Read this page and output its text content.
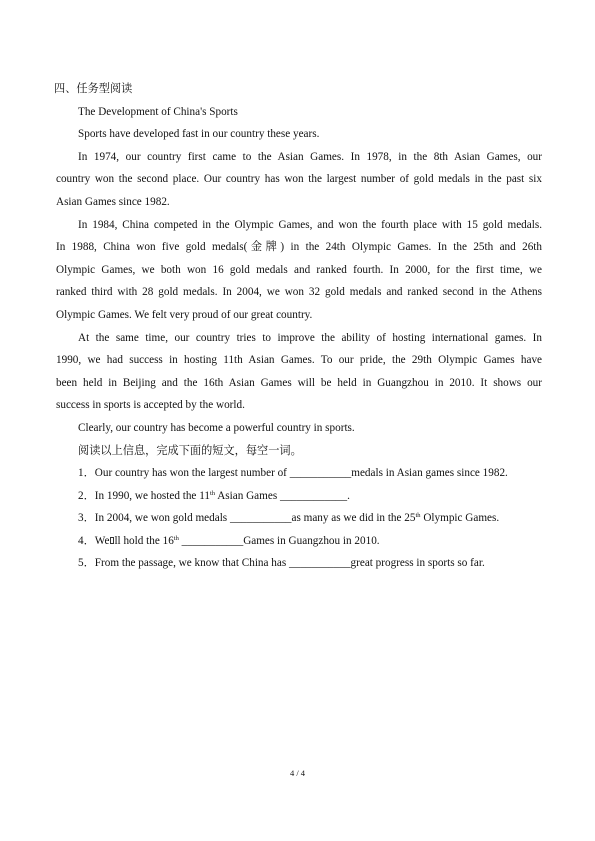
四、任务型阅读

The Development of China's Sports

Sports have developed fast in our country these years.

In 1974, our country first came to the Asian Games. In 1978, in the 8th Asian Games, our

country won the second place. Our country has won the largest number of gold medals in the past six

Asian Games since 1982.

In 1984, China competed in the Olympic Games, and won the fourth place with 15 gold medals.

In 1988, China won five gold medals(金牌) in the 24th Olympic Games. In the 25th and 26th

Olympic Games, we both won 16 gold medals and ranked fourth. In 2000, for the first time, we

ranked third with 28 gold medals. In 2004, we won 32 gold medals and ranked second in the Athens

Olympic Games. We felt very proud of our great country.

At the same time, our country tries to improve the ability of hosting international games. In

1990, we had success in hosting 11th Asian Games. To our pride, the 29th Olympic Games have

been held in Beijing and the 16th Asian Games will be held in Guangzhou in 2010. It shows our

success in sports is accepted by the world.

Clearly, our country has become a powerful country in sports.

阅读以上信息，完成下面的短文，每空一词。

1．Our country has won the largest number of ___________medals in Asian games since 1982.

2．In 1990, we hosted the 11th Asian Games ____________.

3．In 2004, we won gold medals ___________as many as we did in the 25th Olympic Games.

4．We ll hold the 16th ___________Games in Guangzhou in 2010.

5．From the passage, we know that China has ___________great progress in sports so far.

4 / 4
